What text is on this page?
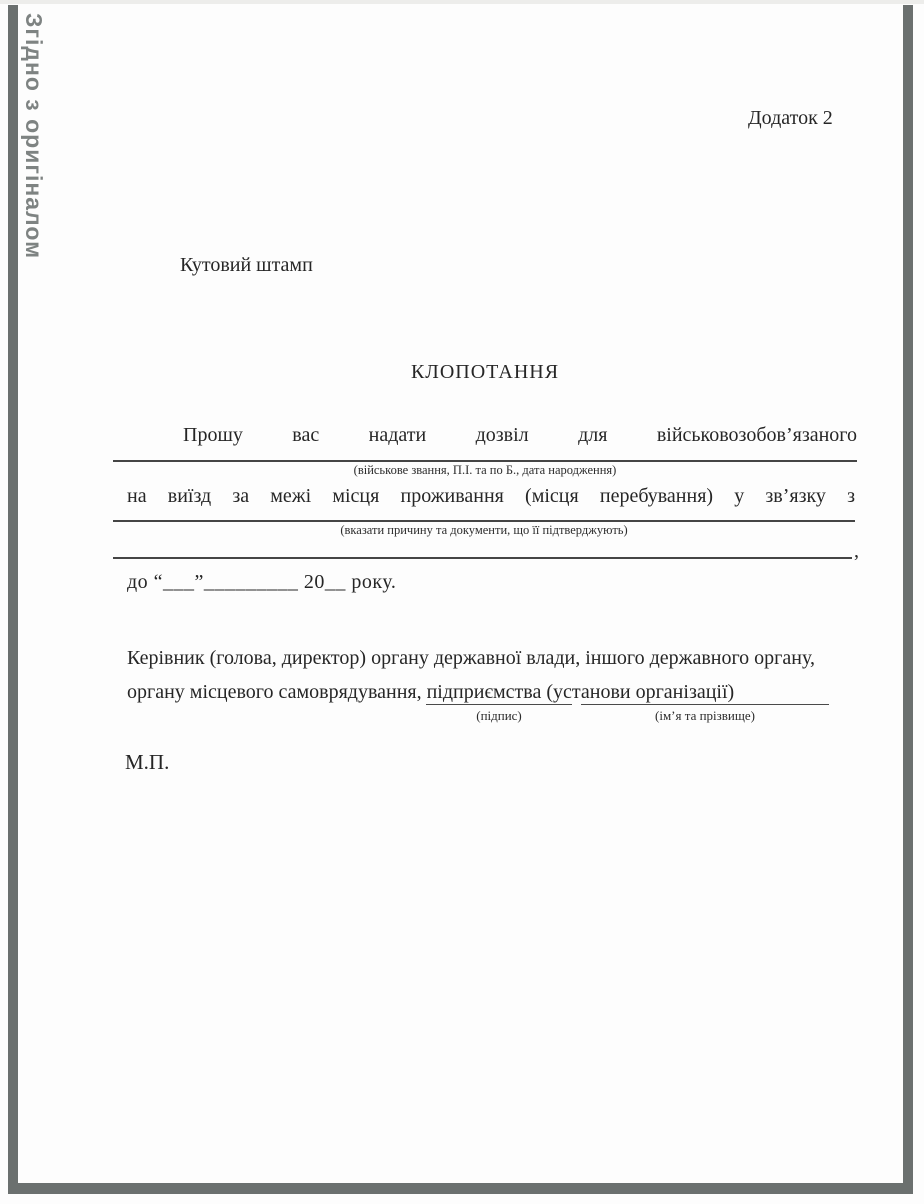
Згідно з оригіналом	Додаток 2
Кутовий штамп
КЛОПОТАННЯ
Прошу вас надати дозвіл для військовозобов’язаного
(військове звання, П.І. та по Б., дата народження)
на виїзд за межі місця проживання (місця перебування) у зв’язку з
(вказати причину та документи, що її підтверджують)
,
до “___”_________ 20__ року.
Керівник (голова, директор) органу державної влади, іншого державного органу, органу місцевого самоврядування, підприємства (установи організації)
(підпис)	(ім’я та прізвище)
М.П.
